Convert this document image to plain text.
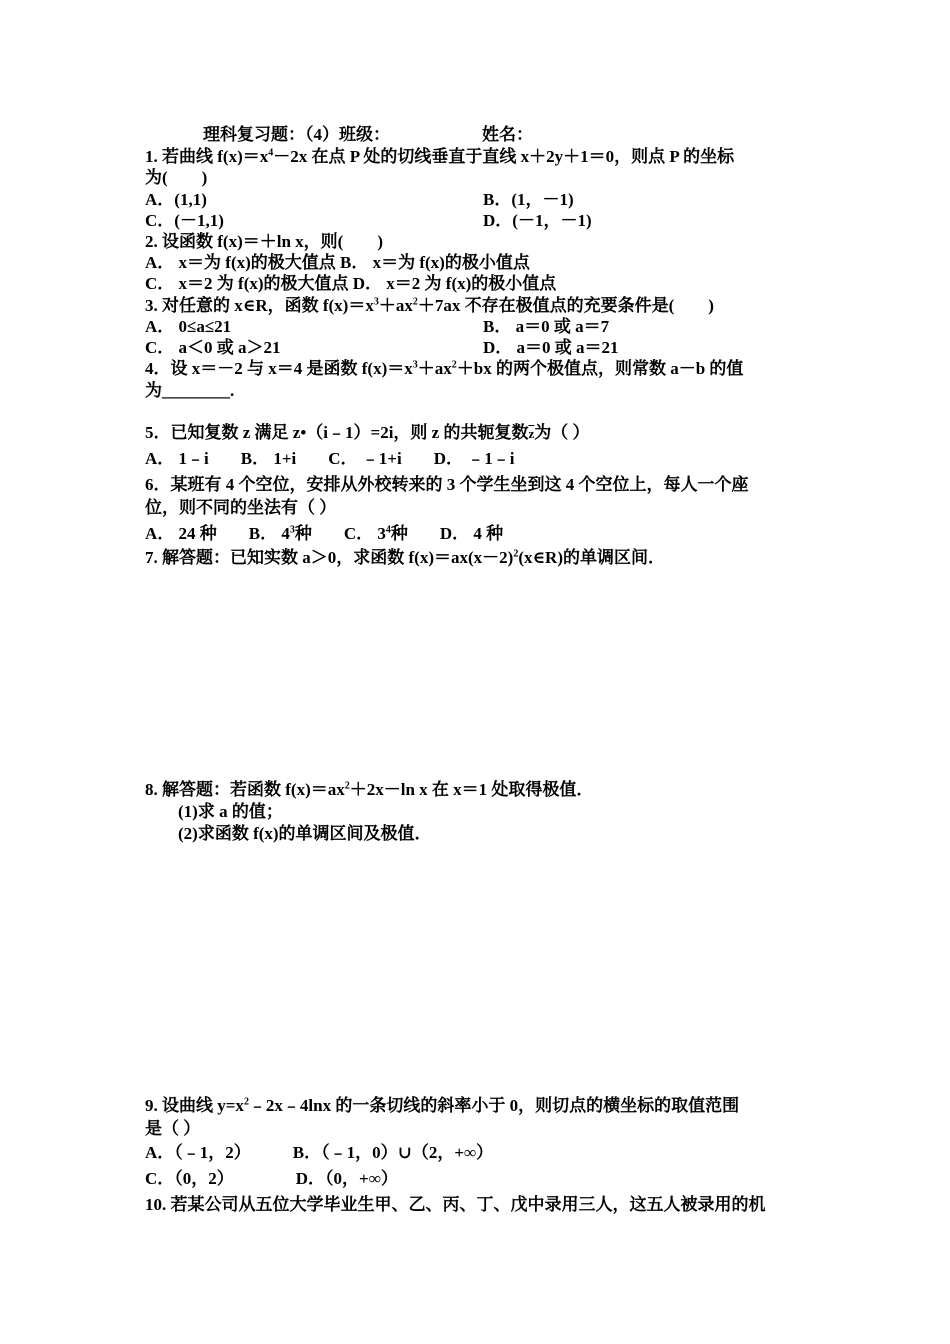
理科复习题：（4）班级：	姓名：
1. 若曲线 $f(x)=x^4-2x$ 在点 P 处的切线垂直于直线 x＋2y＋1＝0，则点 P 的坐标
为(　　)
A．(1,1)	B．(1，－1)
C．(－1,1)	D．(－1，－1)
2. 设函数 f(x)＝＋ln x，则(　　)
A． x＝为 f(x)的极大值点 B． x＝为 f(x)的极小值点
C． x＝2 为 f(x)的极大值点 D． x＝2 为 f(x)的极小值点
3. 对任意的 x∈R，函数 $f(x)=x^3+ax^2+7ax$ 不存在极值点的充要条件是(　　)
A． 0≤a≤21	B． a＝0 或 a＝7
C． a＜0 或 a＞21	D． a＝0 或 a＝21
4．设 x＝－2 与 x＝4 是函数 $f(x)=x^3+ax^2+bx$ 的两个极值点，则常数 a－b 的值
为________.
5．已知复数 z 满足 z•（i﹣1）=2i，则 z 的共轭复数$\overline{z}$为（ ）
A． 1﹣i B． 1+i C． ﹣1+i D． ﹣1﹣i
6．某班有 4 个空位，安排从外校转来的 3 个学生坐到这 4 个空位上，每人一个座
位，则不同的坐法有（ ）
A． 24 种 B． $4^3$种 C． $3^4$种 D． 4 种
7. 解答题：已知实数 a＞0，求函数 $f(x)=ax(x-2)^2(x\in R)$的单调区间．
8. 解答题：若函数 $f(x)=ax^2+2x-\ln$ x 在 x＝1 处取得极值．
(1)求 a 的值；
(2)求函数 f(x)的单调区间及极值．
9. 设曲线 $y=x^2﹣2x﹣4\ln x$ 的一条切线的斜率小于 0，则切点的横坐标的取值范围
是（ ）
A．（﹣1，2） B．（﹣1，0）∪（2，+∞）
C．（0，2）	D．（0，+∞）
10. 若某公司从五位大学毕业生甲、乙、丙、丁、戊中录用三人，这五人被录用的机
